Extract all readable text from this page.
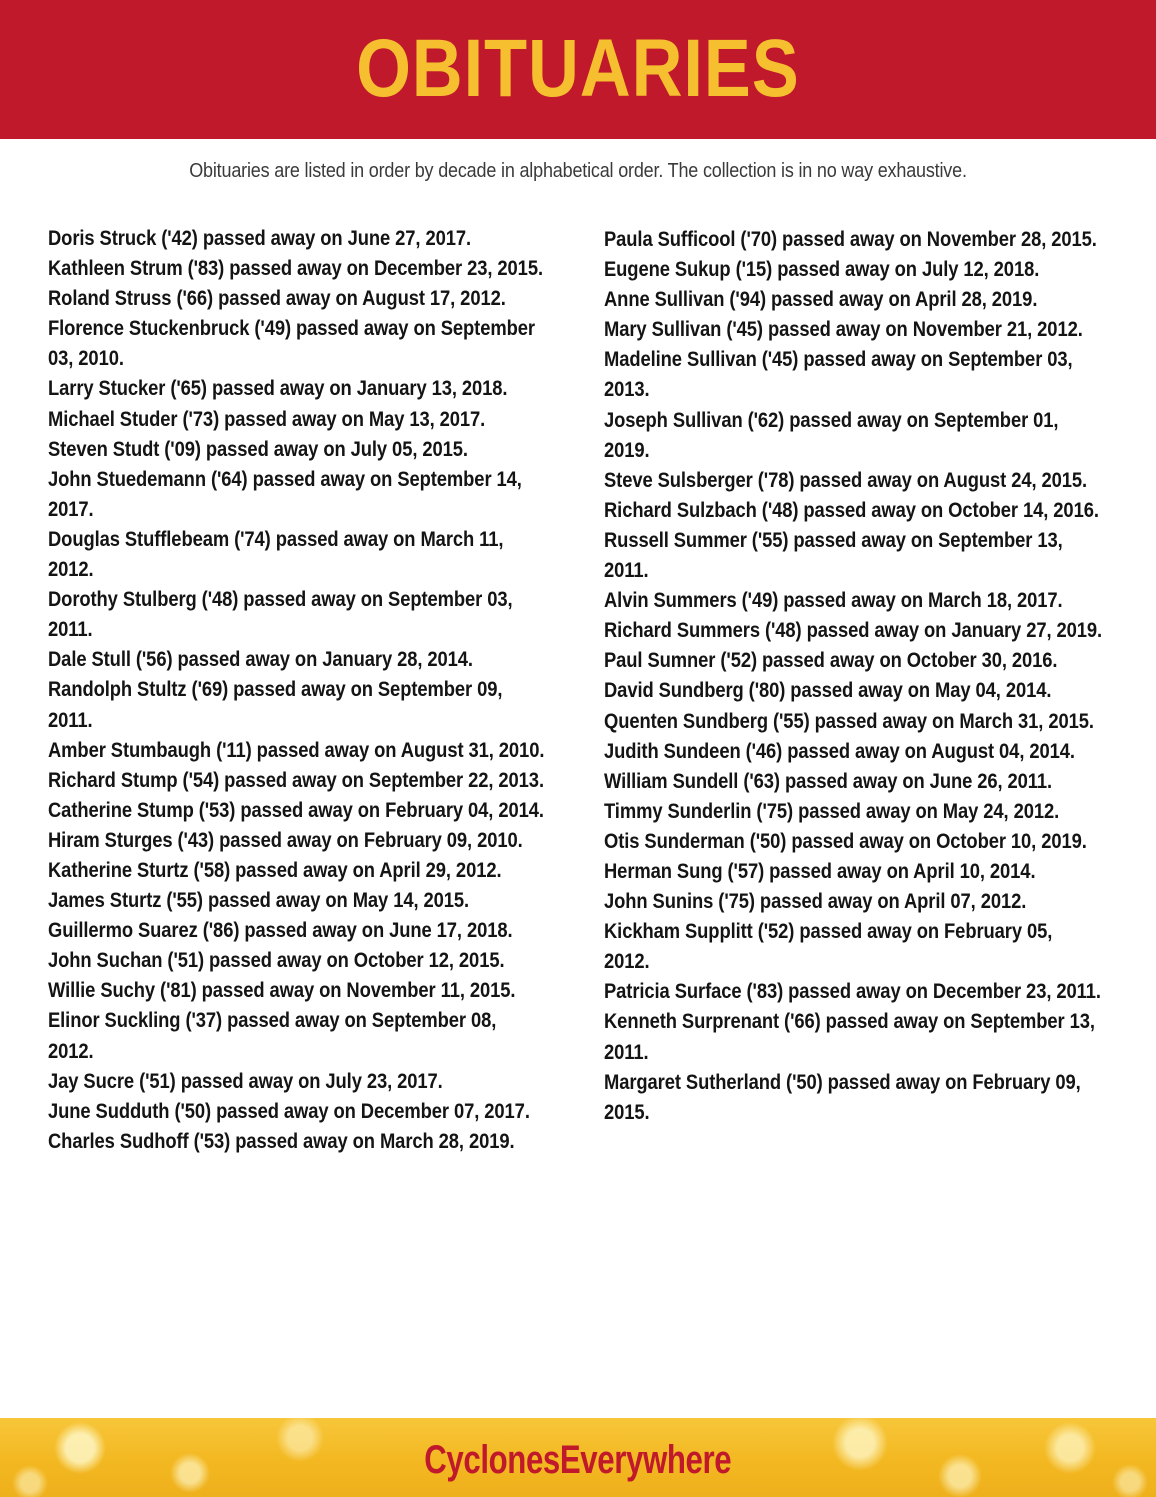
OBITUARIES
Obituaries are listed in order by decade in alphabetical order. The collection is in no way exhaustive.
Doris Struck ('42) passed away on June 27, 2017.
Kathleen Strum ('83) passed away on December 23, 2015.
Roland Struss ('66) passed away on August 17, 2012.
Florence Stuckenbruck ('49) passed away on September 03, 2010.
Larry Stucker ('65) passed away on January 13, 2018.
Michael Studer ('73) passed away on May 13, 2017.
Steven Studt ('09) passed away on July 05, 2015.
John Stuedemann ('64) passed away on September 14, 2017.
Douglas Stufflebeam ('74) passed away on March 11, 2012.
Dorothy Stulberg ('48) passed away on September 03, 2011.
Dale Stull ('56) passed away on January 28, 2014.
Randolph Stultz ('69) passed away on September 09, 2011.
Amber Stumbaugh ('11) passed away on August 31, 2010.
Richard Stump ('54) passed away on September 22, 2013.
Catherine Stump ('53) passed away on February 04, 2014.
Hiram Sturges ('43) passed away on February 09, 2010.
Katherine Sturtz ('58) passed away on April 29, 2012.
James Sturtz ('55) passed away on May 14, 2015.
Guillermo Suarez ('86) passed away on June 17, 2018.
John Suchan ('51) passed away on October 12, 2015.
Willie Suchy ('81) passed away on November 11, 2015.
Elinor Suckling ('37) passed away on September 08, 2012.
Jay Sucre ('51) passed away on July 23, 2017.
June Sudduth ('50) passed away on December 07, 2017.
Charles Sudhoff ('53) passed away on March 28, 2019.
Paula Sufficool ('70) passed away on November 28, 2015.
Eugene Sukup ('15) passed away on July 12, 2018.
Anne Sullivan ('94) passed away on April 28, 2019.
Mary Sullivan ('45) passed away on November 21, 2012.
Madeline Sullivan ('45) passed away on September 03, 2013.
Joseph Sullivan ('62) passed away on September 01, 2019.
Steve Sulsberger ('78) passed away on August 24, 2015.
Richard Sulzbach ('48) passed away on October 14, 2016.
Russell Summer ('55) passed away on September 13, 2011.
Alvin Summers ('49) passed away on March 18, 2017.
Richard Summers ('48) passed away on January 27, 2019.
Paul Sumner ('52) passed away on October 30, 2016.
David Sundberg ('80) passed away on May 04, 2014.
Quenten Sundberg ('55) passed away on March 31, 2015.
Judith Sundeen ('46) passed away on August 04, 2014.
William Sundell ('63) passed away on June 26, 2011.
Timmy Sunderlin ('75) passed away on May 24, 2012.
Otis Sunderman ('50) passed away on October 10, 2019.
Herman Sung ('57) passed away on April 10, 2014.
John Sunins ('75) passed away on April 07, 2012.
Kickham Supplitt ('52) passed away on February 05, 2012.
Patricia Surface ('83) passed away on December 23, 2011.
Kenneth Surprenant ('66) passed away on September 13, 2011.
Margaret Sutherland ('50) passed away on February 09, 2015.
CyclonesEverywhere
